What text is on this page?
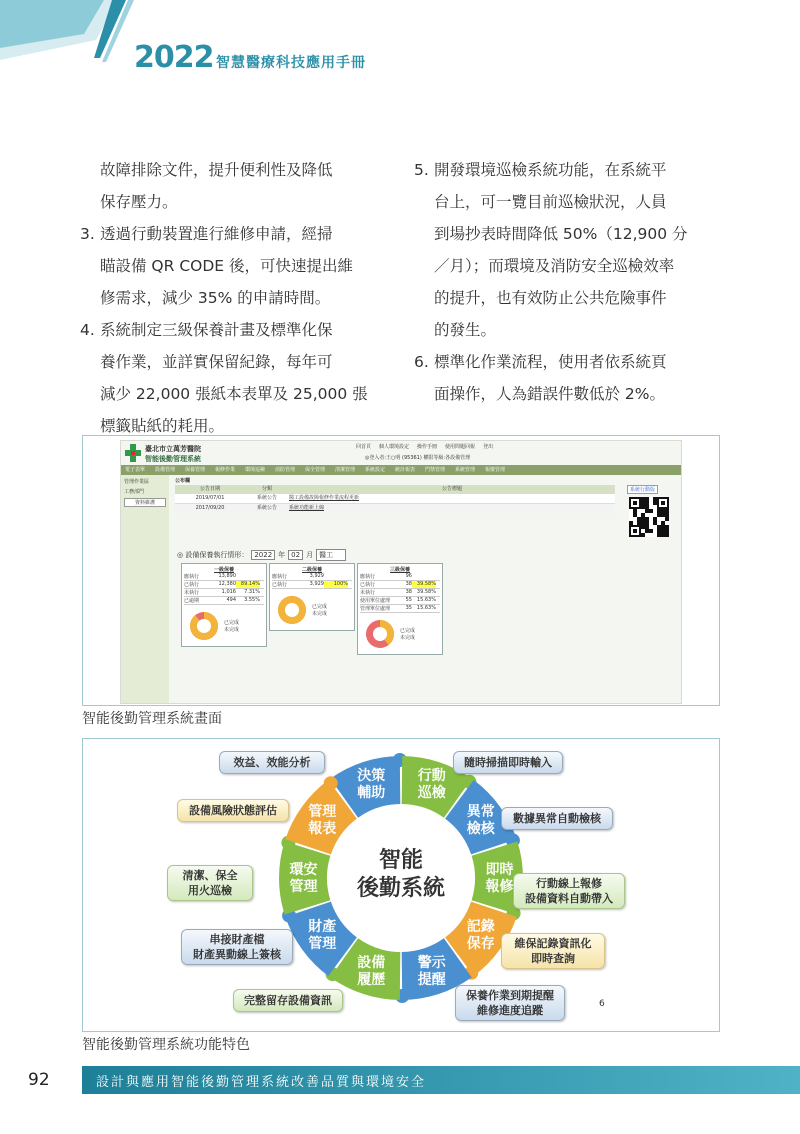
2022 智慧醫療科技應用手冊
故障排除文件，提升便利性及降低
保存壓力。
3. 透過行動裝置進行維修申請，經掃
瞄設備 QR CODE 後，可快速提出維
修需求，減少 35% 的申請時間。
4. 系統制定三級保養計畫及標準化保
養作業，並詳實保留紀錄，每年可
減少 22,000 張紙本表單及 25,000 張
標籤貼紙的耗用。
5. 開發環境巡檢系統功能，在系統平
台上，可一覽目前巡檢狀況，人員
到場抄表時間降低 50%（12,900 分
／月）；而環境及消防安全巡檢效率
的提升，也有效防止公共危險事件
的發生。
6. 標準化作業流程，使用者依系統頁
面操作，人為錯誤件數低於 2%。
臺北市立萬芳醫院
智能後勤管理系統
回首頁 個人環境設定 操作手冊 使用問題回報 登出
◎登入者:王○明 (95361) 權限等級:各設備管理
電子表單 設備管理 保養管理 報修作業 環境巡檢 消防管理 保全管理 清潔管理 系統設定 統計報表 門禁管理 系統管理 報廢管理
管理作業區
工務部門
資料維護
公布欄
公告日期	分類	公告標題
2019/07/01	系統公告	醫工設備故障報修作業流程更新
2017/09/20	系統公告	系統功能新上線
系統行動版
◎ 設備保養執行情形： 2022 年 02 月 醫工
一級保養
應執行	13,890
已執行	12,380 89.14%
未執行	1,016	7.31%
已逾期	494	3.55%
已完成
未完成
二級保養
應執行	3,929
已執行	3,929	100%
已完成
未完成
三級保養
應執行	96
已執行	38 39.58%
未執行	38 39.58%
使用單位處理	55 15.63%
管理單位處理	35 15.63%
已完成
未完成
智能後勤管理系統畫面
智能
後勤系統
效益、效能分析	隨時掃描即時輸入
設備風險狀態評估
數據異常自動檢核
清潔、保全
用火巡檢
行動線上報修
設備資料自動帶入
串接財產檔
財產異動線上簽核
維保記錄資訊化
即時查詢
完整留存設備資訊	保養作業到期提醒
維修進度追蹤	6
智能後勤管理系統功能特色
92	設計與應用智能後勤管理系統改善品質與環境安全
決策
輔助
行動
巡檢
異常
檢核
即時
報修
記錄
保存
警示
提醒
設備
履歷
財產
管理
環安
管理
管理
報表
